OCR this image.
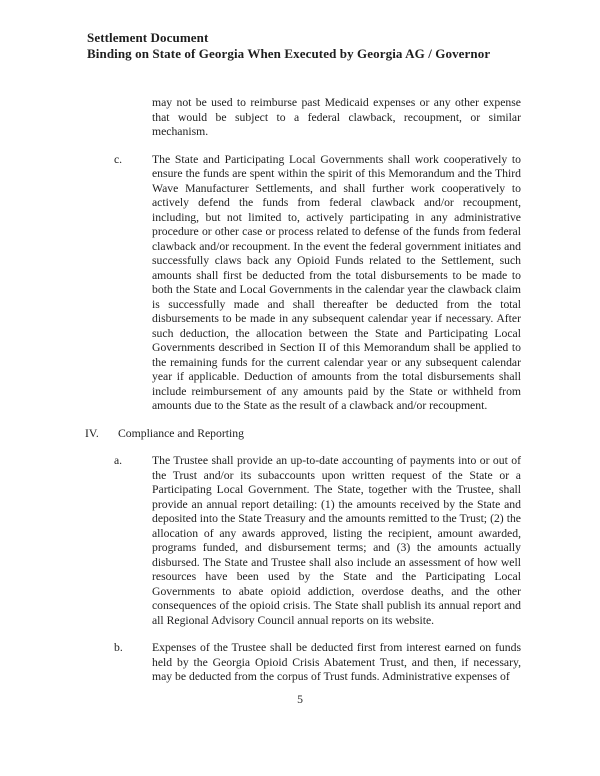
Settlement Document
Binding on State of Georgia When Executed by Georgia AG / Governor

may not be used to reimburse past Medicaid expenses or any other expense that would be subject to a federal clawback, recoupment, or similar mechanism.

c.	The State and Participating Local Governments shall work cooperatively to ensure the funds are spent within the spirit of this Memorandum and the Third Wave Manufacturer Settlements, and shall further work cooperatively to actively defend the funds from federal clawback and/or recoupment, including, but not limited to, actively participating in any administrative procedure or other case or process related to defense of the funds from federal clawback and/or recoupment. In the event the federal government initiates and successfully claws back any Opioid Funds related to the Settlement, such amounts shall first be deducted from the total disbursements to be made to both the State and Local Governments in the calendar year the clawback claim is successfully made and shall thereafter be deducted from the total disbursements to be made in any subsequent calendar year if necessary. After such deduction, the allocation between the State and Participating Local Governments described in Section II of this Memorandum shall be applied to the remaining funds for the current calendar year or any subsequent calendar year if applicable. Deduction of amounts from the total disbursements shall include reimbursement of any amounts paid by the State or withheld from amounts due to the State as the result of a clawback and/or recoupment.

IV.	Compliance and Reporting
a.	The Trustee shall provide an up-to-date accounting of payments into or out of the Trust and/or its subaccounts upon written request of the State or a Participating Local Government. The State, together with the Trustee, shall provide an annual report detailing: (1) the amounts received by the State and deposited into the State Treasury and the amounts remitted to the Trust; (2) the allocation of any awards approved, listing the recipient, amount awarded, programs funded, and disbursement terms; and (3) the amounts actually disbursed. The State and Trustee shall also include an assessment of how well resources have been used by the State and the Participating Local Governments to abate opioid addiction, overdose deaths, and the other consequences of the opioid crisis. The State shall publish its annual report and all Regional Advisory Council annual reports on its website.

b.	Expenses of the Trustee shall be deducted first from interest earned on funds held by the Georgia Opioid Crisis Abatement Trust, and then, if necessary, may be deducted from the corpus of Trust funds. Administrative expenses of

5
